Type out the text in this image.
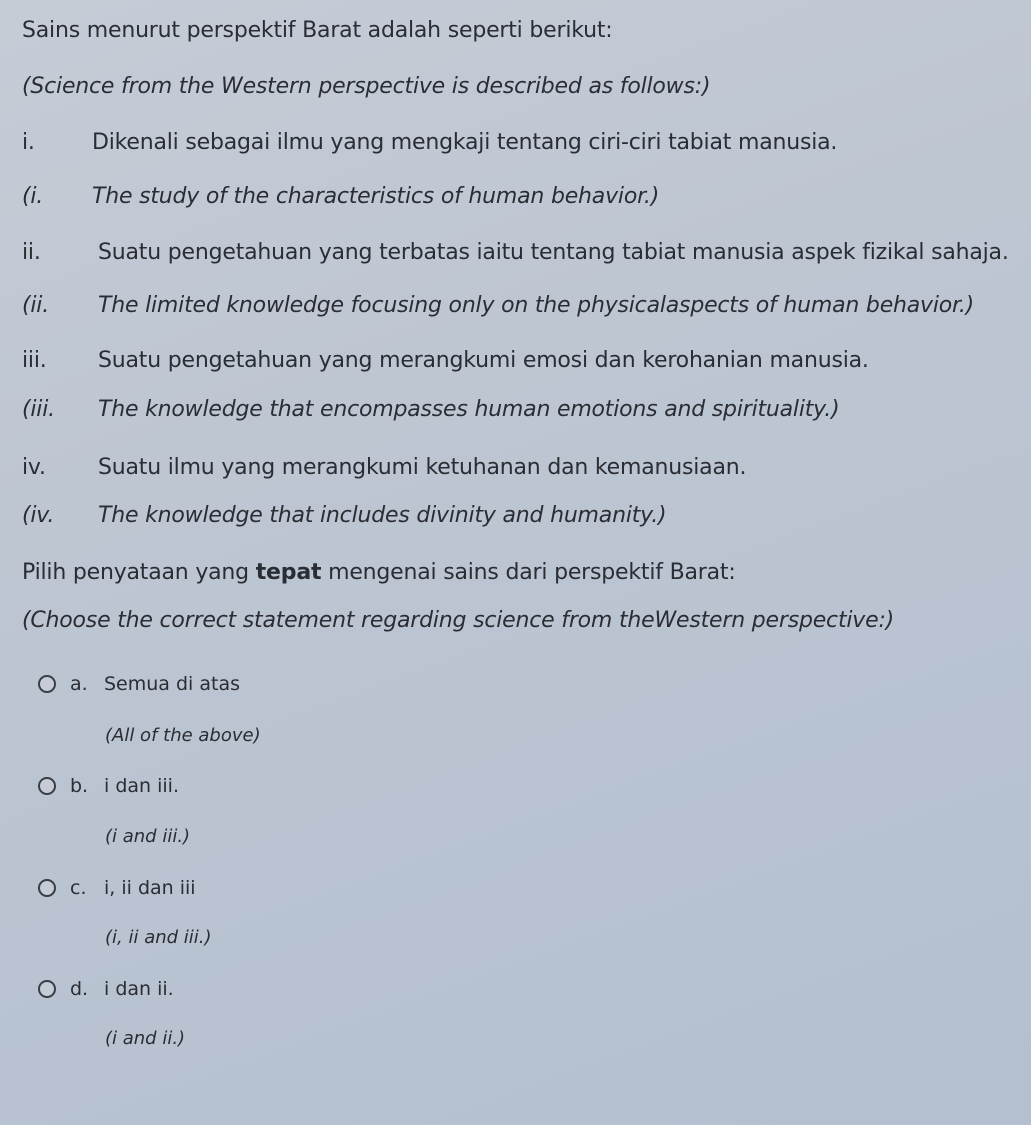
Sains menurut perspektif Barat adalah seperti berikut:
(Science from the Western perspective is described as follows:)
i.	Dikenali sebagai ilmu yang mengkaji tentang ciri-ciri tabiat manusia.
(i. The study of the characteristics of human behavior.)
ii.	Suatu pengetahuan yang terbatas iaitu tentang tabiat manusia aspek fizikal sahaja.
(ii. The limited knowledge focusing only on the physicalaspects of human behavior.)
iii. Suatu pengetahuan yang merangkumi emosi dan kerohanian manusia.
(iii. The knowledge that encompasses human emotions and spirituality.)
iv. Suatu ilmu yang merangkumi ketuhanan dan kemanusiaan.
(iv. The knowledge that includes divinity and humanity.)
Pilih penyataan yang tepat mengenai sains dari perspektif Barat:
(Choose the correct statement regarding science from theWestern perspective:)
a. Semua di atas
(All of the above)
b. i dan iii.
(i and iii.)
c. i, ii dan iii
(i, ii and iii.)
d. i dan ii.
(i and ii.)
